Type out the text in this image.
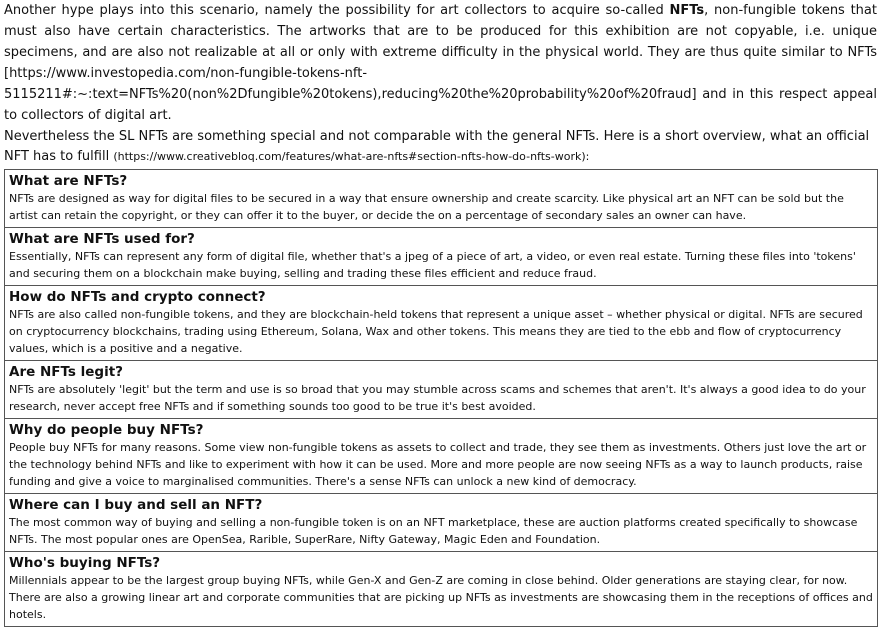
Another hype plays into this scenario, namely the possibility for art collectors to acquire so-called NFTs, non-fungible tokens that must also have certain characteristics. The artworks that are to be produced for this exhibition are not copyable, i.e. unique specimens, and are also not realizable at all or only with extreme difficulty in the physical world. They are thus quite similar to NFTs [https://www.investopedia.com/non-fungible-tokens-nft-5115211#:~:text=NFTs%20(non%2Dfungible%20tokens),reducing%20the%20probability%20of%20fraud] and in this respect appeal to collectors of digital art.

Nevertheless the SL NFTs are something special and not comparable with the general NFTs. Here is a short overview, what an official NFT has to fulfill (https://www.creativebloq.com/features/what-are-nfts#section-nfts-how-do-nfts-work):

What are NFTs?
NFTs are designed as way for digital files to be secured in a way that ensure ownership and create scarcity. Like physical art an NFT can be sold but the artist can retain the copyright, or they can offer it to the buyer, or decide the on a percentage of secondary sales an owner can have.

What are NFTs used for?
Essentially, NFTs can represent any form of digital file, whether that's a jpeg of a piece of art, a video, or even real estate. Turning these files into 'tokens' and securing them on a blockchain make buying, selling and trading these files efficient and reduce fraud.

How do NFTs and crypto connect?
NFTs are also called non-fungible tokens, and they are blockchain-held tokens that represent a unique asset – whether physical or digital. NFTs are secured on cryptocurrency blockchains, trading using Ethereum, Solana, Wax and other tokens. This means they are tied to the ebb and flow of cryptocurrency values, which is a positive and a negative.

Are NFTs legit?
NFTs are absolutely 'legit' but the term and use is so broad that you may stumble across scams and schemes that aren't. It's always a good idea to do your research, never accept free NFTs and if something sounds too good to be true it's best avoided.

Why do people buy NFTs?
People buy NFTs for many reasons. Some view non-fungible tokens as assets to collect and trade, they see them as investments. Others just love the art or the technology behind NFTs and like to experiment with how it can be used. More and more people are now seeing NFTs as a way to launch products, raise funding and give a voice to marginalised communities. There's a sense NFTs can unlock a new kind of democracy.

Where can I buy and sell an NFT?
The most common way of buying and selling a non-fungible token is on an NFT marketplace, these are auction platforms created specifically to showcase NFTs. The most popular ones are OpenSea, Rarible, SuperRare, Nifty Gateway, Magic Eden and Foundation.

Who's buying NFTs?
Millennials appear to be the largest group buying NFTs, while Gen-X and Gen-Z are coming in close behind. Older generations are staying clear, for now. There are also a growing linear art and corporate communities that are picking up NFTs as investments are showcasing them in the receptions of offices and hotels.
